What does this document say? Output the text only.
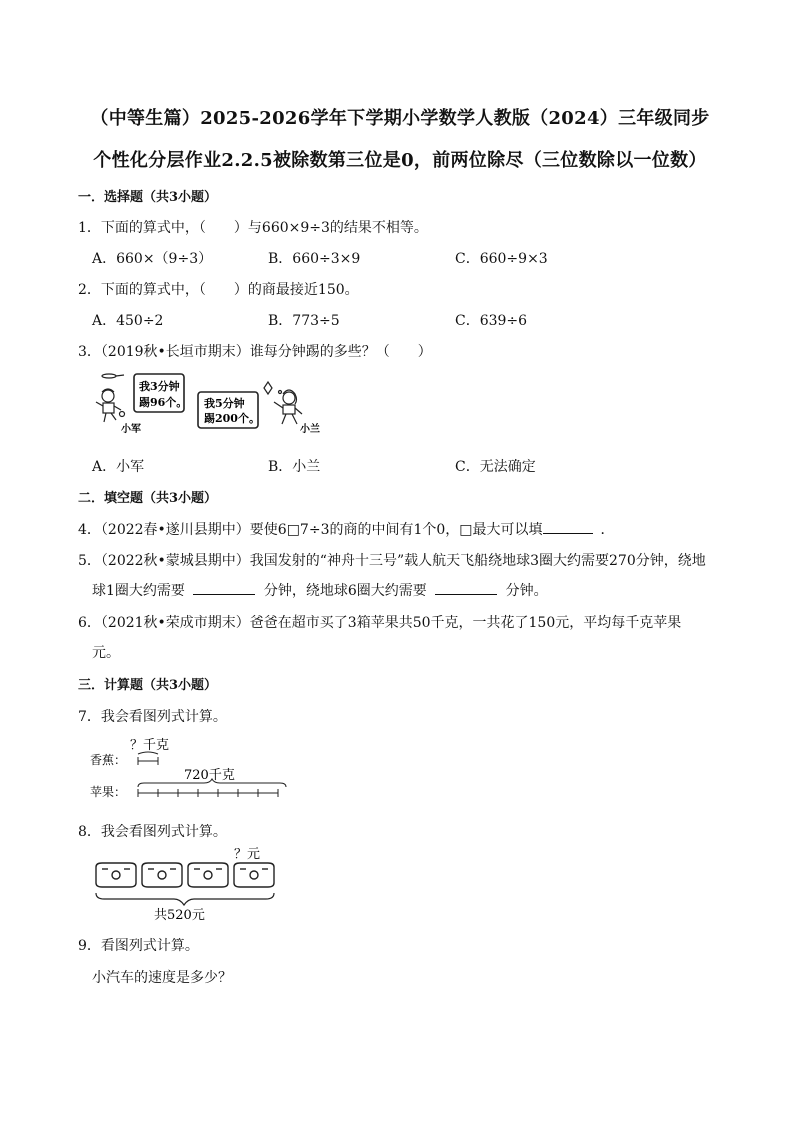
（中等生篇）2025-2026学年下学期小学数学人教版（2024）三年级同步
个性化分层作业2.2.5被除数第三位是0，前两位除尽（三位数除以一位数）
一．选择题（共3小题）
1．下面的算式中，（　　）与660×9÷3的结果不相等。
A．660×（9÷3）	B．660÷3×9	C．660÷9×3
2．下面的算式中，（　　）的商最接近150。
A．450÷2	B．773÷5	C．639÷6
3．（2019秋•长垣市期末）谁每分钟踢的多些？（　　）
小军
我3分钟
踢96个。 我5分钟
踢200个。
小兰
A．小军	B．小兰	C．无法确定
二．填空题（共3小题）
4．（2022春•遂川县期中）要使6□7÷3的商的中间有1个0，□最大可以填	．
5．（2022秋•蒙城县期中）我国发射的“神舟十三号”载人航天飞船绕地球3圈大约需要270分钟，绕地
球1圈大约需要	分钟，绕地球6圈大约需要	分钟。
6．（2021秋•荣成市期末）爸爸在超市买了3箱苹果共50千克，一共花了150元，平均每千克苹果
元。
三．计算题（共3小题）
7．我会看图列式计算。
？千克
香蕉：
720千克
苹果：
8．我会看图列式计算。
？元
共520元
9．看图列式计算。
小汽车的速度是多少？
